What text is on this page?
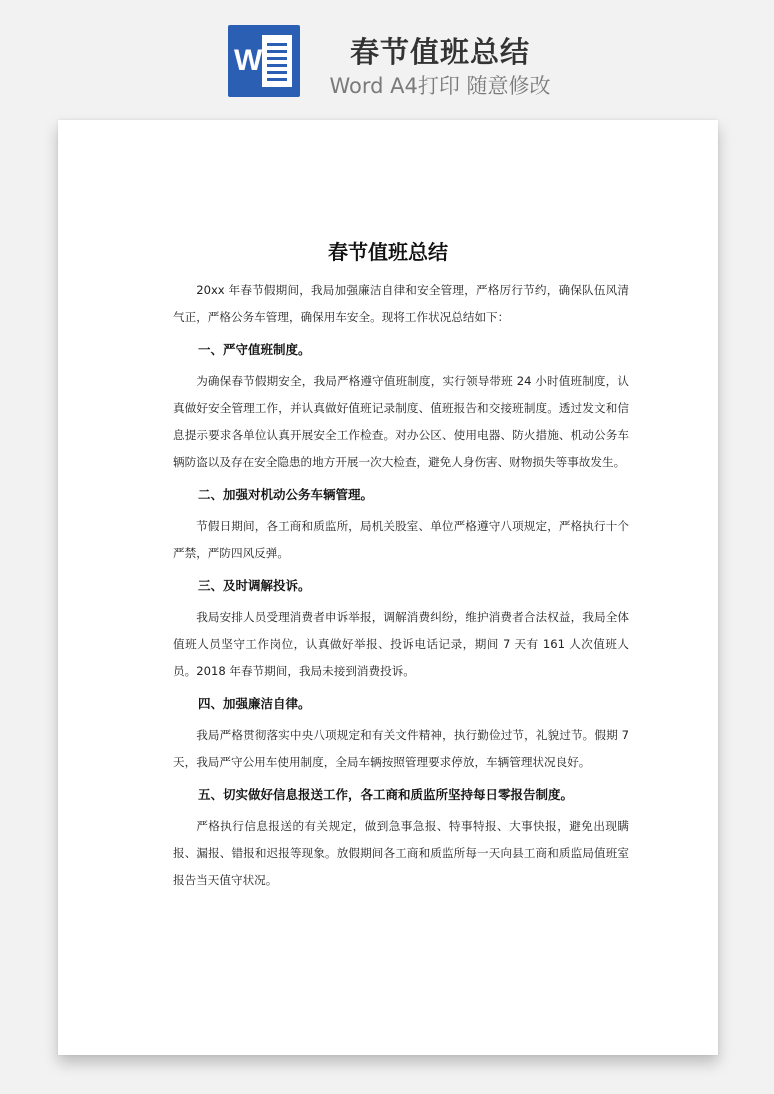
W	春节值班总结
Word A4打印 随意修改
春节值班总结

20xx 年春节假期间，我局加强廉洁自律和安全管理，严格厉行节约，确保队伍风清气正，严格公务车管理，确保用车安全。现将工作状况总结如下：

一、严守值班制度。

为确保春节假期安全，我局严格遵守值班制度，实行领导带班 24 小时值班制度，认真做好安全管理工作，并认真做好值班记录制度、值班报告和交接班制度。透过发文和信息提示要求各单位认真开展安全工作检查。对办公区、使用电器、防火措施、机动公务车辆防盗以及存在安全隐患的地方开展一次大检查，避免人身伤害、财物损失等事故发生。

二、加强对机动公务车辆管理。

节假日期间，各工商和质监所，局机关股室、单位严格遵守八项规定，严格执行十个严禁，严防四风反弹。

三、及时调解投诉。

我局安排人员受理消费者申诉举报，调解消费纠纷，维护消费者合法权益，我局全体值班人员坚守工作岗位，认真做好举报、投诉电话记录，期间 7 天有 161 人次值班人员。2018 年春节期间，我局未接到消费投诉。

四、加强廉洁自律。

我局严格贯彻落实中央八项规定和有关文件精神，执行勤俭过节，礼貌过节。假期 7 天，我局严守公用车使用制度，全局车辆按照管理要求停放，车辆管理状况良好。

五、切实做好信息报送工作，各工商和质监所坚持每日零报告制度。

严格执行信息报送的有关规定，做到急事急报、特事特报、大事快报，避免出现瞒报、漏报、错报和迟报等现象。放假期间各工商和质监所每一天向县工商和质监局值班室报告当天值守状况。
